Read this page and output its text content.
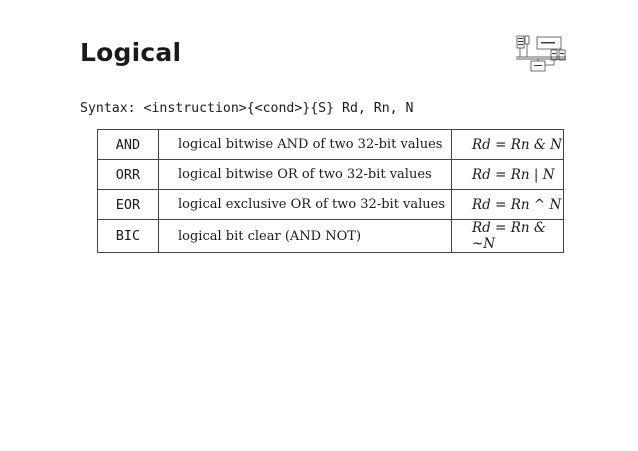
Logical
Syntax: <instruction>{<cond>}{S} Rd, Rn, N
AND	logical bitwise AND of two 32-bit values	Rd = Rn & N
ORR	logical bitwise OR of two 32-bit values	Rd = Rn | N
EOR	logical exclusive OR of two 32-bit values	Rd = Rn ^ N
BIC	logical bit clear (AND NOT)	Rd = Rn & ~N
